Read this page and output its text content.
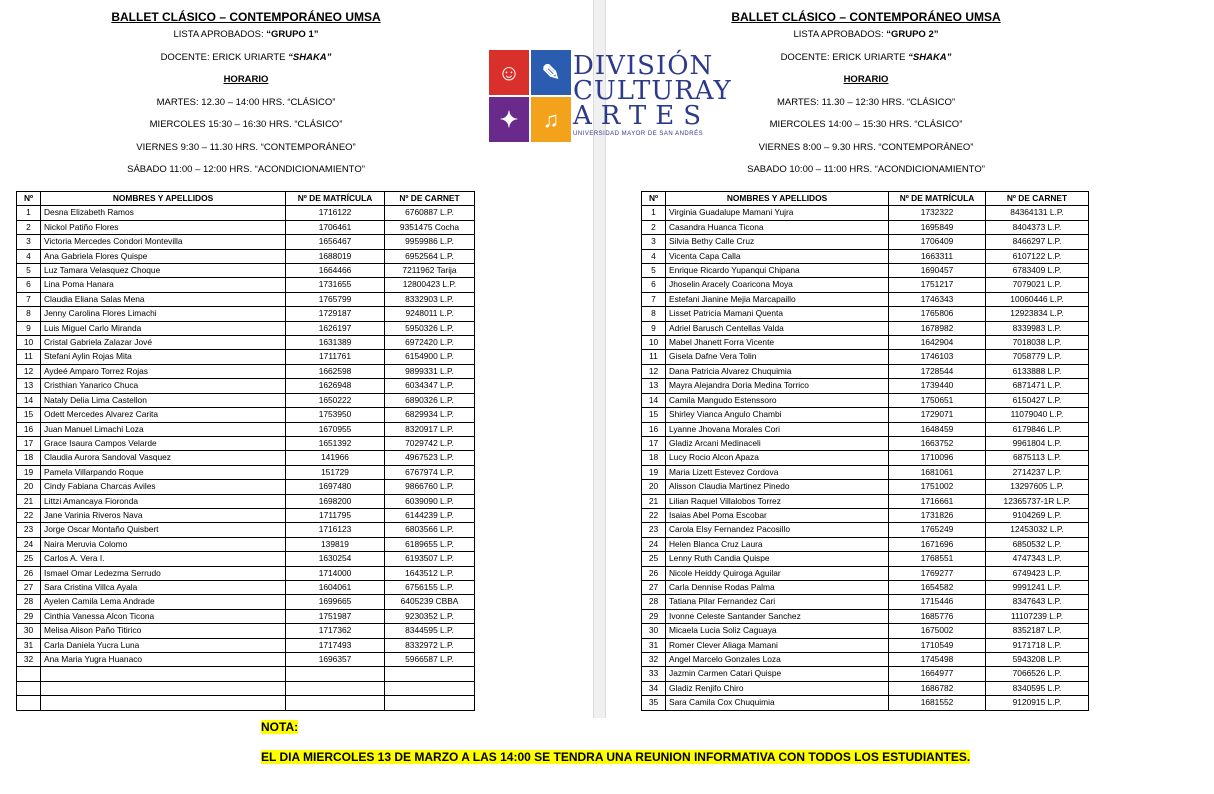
BALLET CLÁSICO – CONTEMPORÁNEO UMSA
LISTA APROBADOS: “GRUPO 1”
DOCENTE: ERICK URIARTE “SHAKA”
HORARIO
MARTES: 12.30 – 14:00 HRS. “CLÁSICO”
MIERCOLES 15:30 – 16:30 HRS. “CLÁSICO”
VIERNES 9:30 – 11.30 HRS. “CONTEMPORÁNEO”
SÁBADO 11:00 – 12:00 HRS. “ACONDICIONAMIENTO”
Nº	NOMBRES Y APELLIDOS	Nº DE MATRÍCULA	Nº DE CARNET
1	Desna Elizabeth Ramos	1716122	6760887 L.P.
2	Nickol Patiño Flores	1706461	9351475 Cocha
3	Victoria Mercedes Condori Montevilla	1656467	9959986 L.P.
4	Ana Gabriela Flores Quispe	1688019	6952564 L.P.
5	Luz Tamara Velasquez Choque	1664466	7211962 Tarija
6	Lina Poma Hanara	1731655	12800423 L.P.
7	Claudia Eliana Salas Mena	1765799	8332903 L.P.
8	Jenny Carolina Flores Limachi	1729187	9248011 L.P.
9	Luis Miguel Carlo Miranda	1626197	5950326 L.P.
10	Cristal Gabriela Zalazar Jové	1631389	6972420 L.P.
11	Stefani Aylin Rojas Mita	1711761	6154900 L.P.
12	Aydeé Amparo Torrez Rojas	1662598	9899331 L.P.
13	Cristhian Yanarico Chuca	1626948	6034347 L.P.
14	Nataly Delia Lima Castellon	1650222	6890326 L.P.
15	Odett Mercedes Alvarez Carita	1753950	6829934 L.P.
16	Juan Manuel Limachi Loza	1670955	8320917 L.P.
17	Grace Isaura Campos Velarde	1651392	7029742 L.P.
18	Claudia Aurora Sandoval Vasquez	141966	4967523 L.P.
19	Pamela Villarpando Roque	151729	6767974 L.P.
20	Cindy Fabiana Charcas Aviles	1697480	9866760 L.P.
21	Littzi Amancaya Fioronda	1698200	6039090 L.P.
22	Jane Varinia Riveros Nava	1711795	6144239 L.P.
23	Jorge Oscar Montaño Quisbert	1716123	6803566 L.P.
24	Naira Meruvia Colomo	139819	6189655 L.P.
25	Carlos A. Vera I.	1630254	6193507 L.P.
26	Ismael Omar Ledezma Serrudo	1714000	1643512 L.P.
27	Sara Cristina Villca Ayala	1604061	6756155 L.P.
28	Ayelen Camila Lema Andrade	1699665	6405239 CBBA
29	Cinthia Vanessa Alcon Ticona	1751987	9230352 L.P.
30	Melisa Alison Paño Titirico	1717362	8344595 L.P.
31	Carla Daniela Yucra Luna	1717493	8332972 L.P.
32	Ana Maria Yugra Huanaco	1696357	5966587 L.P.

☺ ✎
✦	♫
DIVISIÓN
CULTURAY
ARTES
UNIVERSIDAD MAYOR DE SAN ANDRÉS
BALLET CLÁSICO – CONTEMPORÁNEO UMSA
LISTA APROBADOS: “GRUPO 2”
DOCENTE: ERICK URIARTE “SHAKA”
HORARIO
MARTES: 11.30 – 12:30 HRS. “CLÁSICO”
MIERCOLES 14:00 – 15:30 HRS. “CLÁSICO”
VIERNES 8:00 – 9.30 HRS. “CONTEMPORÁNEO”
SABADO 10:00 – 11:00 HRS. “ACONDICIONAMIENTO”
Nº	NOMBRES Y APELLIDOS	Nº DE MATRÍCULA	Nº DE CARNET
1	Virginia Guadalupe Mamani Yujra	1732322	84364131 L.P.
2	Casandra Huanca Ticona	1695849	8404373 L.P.
3	Silvia Bethy Calle Cruz	1706409	8466297 L.P.
4	Vicenta Capa Calla	1663311	6107122 L.P.
5	Enrique Ricardo Yupanqui Chipana	1690457	6783409 L.P.
6	Jhoselin Aracely Coaricona Moya	1751217	7079021 L.P.
7	Estefani Jianine Mejia Marcapaillo	1746343	10060446 L.P.
8	Lisset Patricia Mamani Quenta	1765806	12923834 L.P.
9	Adriel Barusch Centellas Valda	1678982	8339983 L.P.
10	Mabel Jhanett Forra Vicente	1642904	7018038 L.P.
11	Gisela Dafne Vera Tolin	1746103	7058779 L.P.
12	Dana Patricia Alvarez Chuquimia	1728544	6133888 L.P.
13	Mayra Alejandra Doria Medina Torrico	1739440	6871471 L.P.
14	Camila Mangudo Estenssoro	1750651	6150427 L.P.
15	Shirley Vianca Angulo Chambi	1729071	11079040 L.P.
16	Lyanne Jhovana Morales Cori	1648459	6179846 L.P.
17	Gladiz Arcani Medinaceli	1663752	9961804 L.P.
18	Lucy Rocio Alcon Apaza	1710096	6875113 L.P.
19	Maria Lizett Estevez Cordova	1681061	2714237 L.P.
20	Alisson Claudia Martinez Pinedo	1751002	13297605 L.P.
21	Lilian Raquel Villalobos Torrez	1716661	12365737-1R L.P.
22	Isaias Abel Poma Escobar	1731826	9104269 L.P.
23	Carola Elsy Fernandez Pacosillo	1765249	12453032 L.P.
24	Helen Blanca Cruz Laura	1671696	6850532 L.P.
25	Lenny Ruth Candia Quispe	1768551	4747343 L.P.
26	Nicole Heiddy Quiroga Aguilar	1769277	6749423 L.P.
27	Carla Dennise Rodas Palma	1654582	9991241 L.P.
28	Tatiana Pilar Fernandez Cari	1715446	8347643 L.P.
29	Ivonne Celeste Santander Sanchez	1685776	11107239 L.P.
30	Micaela Lucia Soliz Caguaya	1675002	8352187 L.P.
31	Romer Clever Aliaga Mamani	1710549	9171718 L.P.
32	Angel Marcelo Gonzales Loza	1745498	5943208 L.P.
33	Jazmin Carmen Catari Quispe	1664977	7066526 L.P.
34	Gladiz Renjifo Chiro	1686782	8340595 L.P.
35	Sara Camila Cox Chuquimia	1681552	9120915 L.P.
NOTA:
EL DIA MIERCOLES 13 DE MARZO A LAS 14:00 SE TENDRA UNA REUNION INFORMATIVA CON TODOS LOS ESTUDIANTES.
